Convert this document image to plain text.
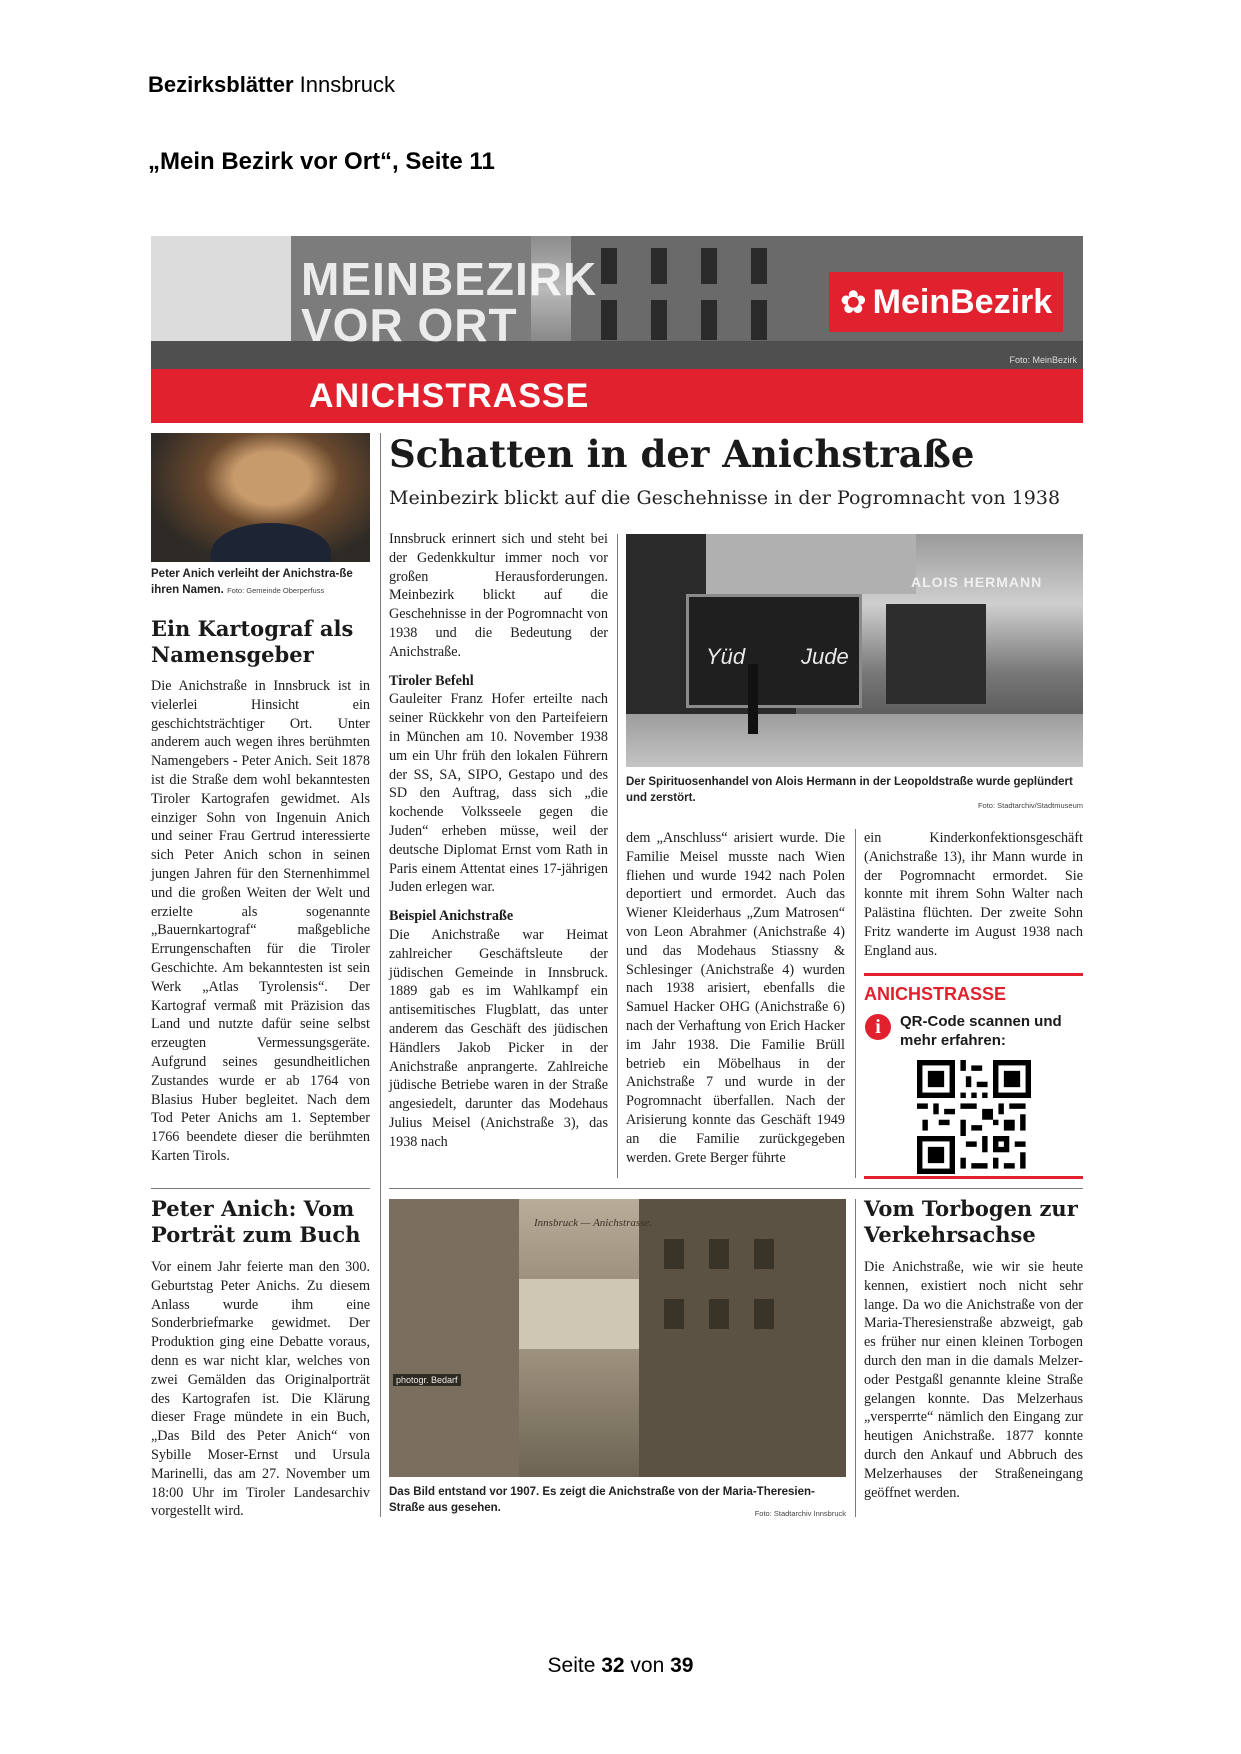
Bezirksblätter Innsbruck
„Mein Bezirk vor Ort“, Seite 11
Seite 32 von 39
MEINBEZIRK
VOR ORT	✿ MeinBezirk
Foto: MeinBezirk
ANICHSTRASSE
Peter Anich verleiht der Anichstra-ße ihren Namen. Foto: Gemeinde Oberperfuss
Ein Kartograf als Namensgeber

Die Anichstraße in Innsbruck ist in vielerlei Hinsicht ein geschichtsträchtiger Ort. Unter anderem auch wegen ihres berühmten Namengebers - Peter Anich. Seit 1878 ist die Straße dem wohl bekanntesten Tiroler Kartografen gewidmet. Als einziger Sohn von Ingenuin Anich und seiner Frau Gertrud interessierte sich Peter Anich schon in seinen jungen Jahren für den Sternenhimmel und die großen Weiten der Welt und erzielte als sogenannte „Bauernkartograf“ maßgebliche Errungenschaften für die Tiroler Geschichte. Am bekanntesten ist sein Werk „Atlas Tyrolensis“. Der Kartograf vermaß mit Präzision das Land und nutzte dafür seine selbst erzeugten Vermessungsgeräte. Aufgrund seines gesundheitlichen Zustandes wurde er ab 1764 von Blasius Huber begleitet. Nach dem Tod Peter Anichs am 1. September 1766 beendete dieser die berühmten Karten Tirols.

Peter Anich: Vom Porträt zum Buch

Vor einem Jahr feierte man den 300. Geburtstag Peter Anichs. Zu diesem Anlass wurde ihm eine Sonderbriefmarke gewidmet. Der Produktion ging eine Debatte voraus, denn es war nicht klar, welches von zwei Gemälden das Originalporträt des Kartografen ist. Die Klärung dieser Frage mündete in ein Buch, „Das Bild des Peter Anich“ von Sybille Moser-Ernst und Ursula Marinelli, das am 27. November um 18:00 Uhr im Tiroler Landesarchiv vorgestellt wird.

Schatten in der Anichstraße
Meinbezirk blickt auf die Geschehnisse in der Pogromnacht von 1938

Innsbruck erinnert sich und steht bei der Gedenkkultur immer noch vor großen Herausforderungen. Meinbezirk blickt auf die Geschehnisse in der Pogromnacht von 1938 und die Bedeutung der Anichstraße.

Tiroler Befehl

Gauleiter Franz Hofer erteilte nach seiner Rückkehr von den Parteifeiern in München am 10. November 1938 um ein Uhr früh den lokalen Führern der SS, SA, SIPO, Gestapo und des SD den Auftrag, dass sich „die kochende Volksseele gegen die Juden“ erheben müsse, weil der deutsche Diplomat Ernst vom Rath in Paris einem Attentat eines 17-jährigen Juden erlegen war.

Beispiel Anichstraße

Die Anichstraße war Heimat zahlreicher Geschäftsleute der jüdischen Gemeinde in Innsbruck. 1889 gab es im Wahlkampf ein antisemitisches Flugblatt, das unter anderem das Geschäft des jüdischen Händlers Jakob Picker in der Anichstraße anprangerte. Zahlreiche jüdische Betriebe waren in der Straße angesiedelt, darunter das Modehaus Julius Meisel (Anichstraße 3), das 1938 nach

Yüd	Jude
ALOIS HERMANN
Der Spirituosenhandel von Alois Hermann in der Leopoldstraße wurde geplündert und zerstört.
Foto: Stadtarchiv/Stadtmuseum

dem „Anschluss“ arisiert wurde. Die Familie Meisel musste nach Wien fliehen und wurde 1942 nach Polen deportiert und ermordet. Auch das Wiener Kleiderhaus „Zum Matrosen“ von Leon Abrahmer (Anichstraße 4) und das Modehaus Stiassny & Schlesinger (Anichstraße 4) wurden nach 1938 arisiert, ebenfalls die Samuel Hacker OHG (Anichstraße 6) nach der Verhaftung von Erich Hacker im Jahr 1938. Die Familie Brüll betrieb ein Möbelhaus in der Anichstraße 7 und wurde in der Pogromnacht überfallen. Nach der Arisierung konnte das Geschäft 1949 an die Familie zurückgegeben werden. Grete Berger führte

ein Kinderkonfektionsgeschäft (Anichstraße 13), ihr Mann wurde in der Pogromnacht ermordet. Sie konnte mit ihrem Sohn Walter nach Palästina flüchten. Der zweite Sohn Fritz wanderte im August 1938 nach England aus.

ANICHSTRASSE
i	QR-Code scannen und mehr erfahren:
Innsbruck — Anichstrasse.
photogr. Bedarf
Das Bild entstand vor 1907. Es zeigt die Anichstraße von der Maria-Theresien-Straße aus gesehen.	Foto: Stadtarchiv Innsbruck
Vom Torbogen zur Verkehrsachse

Die Anichstraße, wie wir sie heute kennen, existiert noch nicht sehr lange. Da wo die Anichstraße von der Maria-Theresienstraße abzweigt, gab es früher nur einen kleinen Torbogen durch den man in die damals Melzer- oder Pestgaßl genannte kleine Straße gelangen konnte. Das Melzerhaus „versperrte“ nämlich den Eingang zur heutigen Anichstraße. 1877 konnte durch den Ankauf und Abbruch des Melzerhauses der Straßeneingang geöffnet werden.
